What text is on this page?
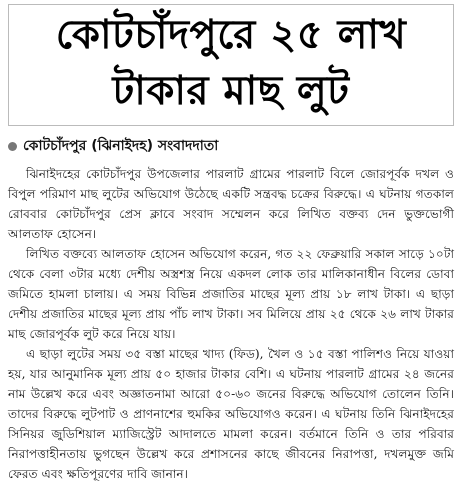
কোটচাঁদপুরে ২৫ লাখ
টাকার মাছ লুট
কোটচাঁদপুর (ঝিনাইদহ) সংবাদদাতা

ঝিনাইদহের কোটচাঁদপুর উপজেলার পারলাট গ্রামের পারলাট বিলে জোরপূর্বক দখল ও বিপুল পরিমাণ মাছ লুটের অভিযোগ উঠেছে একটি সন্ত্রবদ্ধ চক্রের বিরুদ্ধে। এ ঘটনায় গতকাল রোববার কোটচাঁদপুর প্রেস ক্লাবে সংবাদ সম্মেলন করে লিখিত বক্তব্য দেন ভুক্তভোগী আলতাফ হোসেন।

লিখিত বক্তব্যে আলতাফ হোসেন অভিযোগ করেন, গত ২২ ফেব্রুয়ারি সকাল সাড়ে ১০টা থেকে বেলা ৩টার মধ্যে দেশীয় অস্ত্রশস্ত্র নিয়ে একদল লোক তার মালিকানাধীন বিলের ডোবা জমিতে হামলা চালায়। এ সময় বিভিন্ন প্রজাতির মাছের মূল্য প্রায় ১৮ লাখ টাকা। এ ছাড়া দেশীয় প্রজাতির মাছের মূল্য প্রায় পাঁচ লাখ টাকা। সব মিলিয়ে প্রায় ২৫ থেকে ২৬ লাখ টাকার মাছ জোরপূর্বক লুট করে নিয়ে যায়।

এ ছাড়া লুটের সময় ৩৫ বস্তা মাছের খাদ্য (ফিড), খৈল ও ১৫ বস্তা পালিশও নিয়ে যাওয়া হয়, যার আনুমানিক মূল্য প্রায় ৫০ হাজার টাকার বেশি। এ ঘটনায় পারলাট গ্রামের ২৪ জনের নাম উল্লেখ করে এবং অজ্ঞাতনামা আরো ৫০-৬০ জনের বিরুদ্ধে অভিযোগ তোলেন তিনি। তাদের বিরুদ্ধে লুটপাট ও প্রাণনাশের হুমকির অভিযোগও করেন। এ ঘটনায় তিনি ঝিনাইদহের সিনিয়র জুডিশিয়াল ম্যাজিস্ট্রেট আদালতে মামলা করেন। বর্তমানে তিনি ও তার পরিবার নিরাপত্তাহীনতায় ভুগছেন উল্লেখ করে প্রশাসনের কাছে জীবনের নিরাপত্তা, দখলমুক্ত জমি ফেরত এবং ক্ষতিপূরণের দাবি জানান।
